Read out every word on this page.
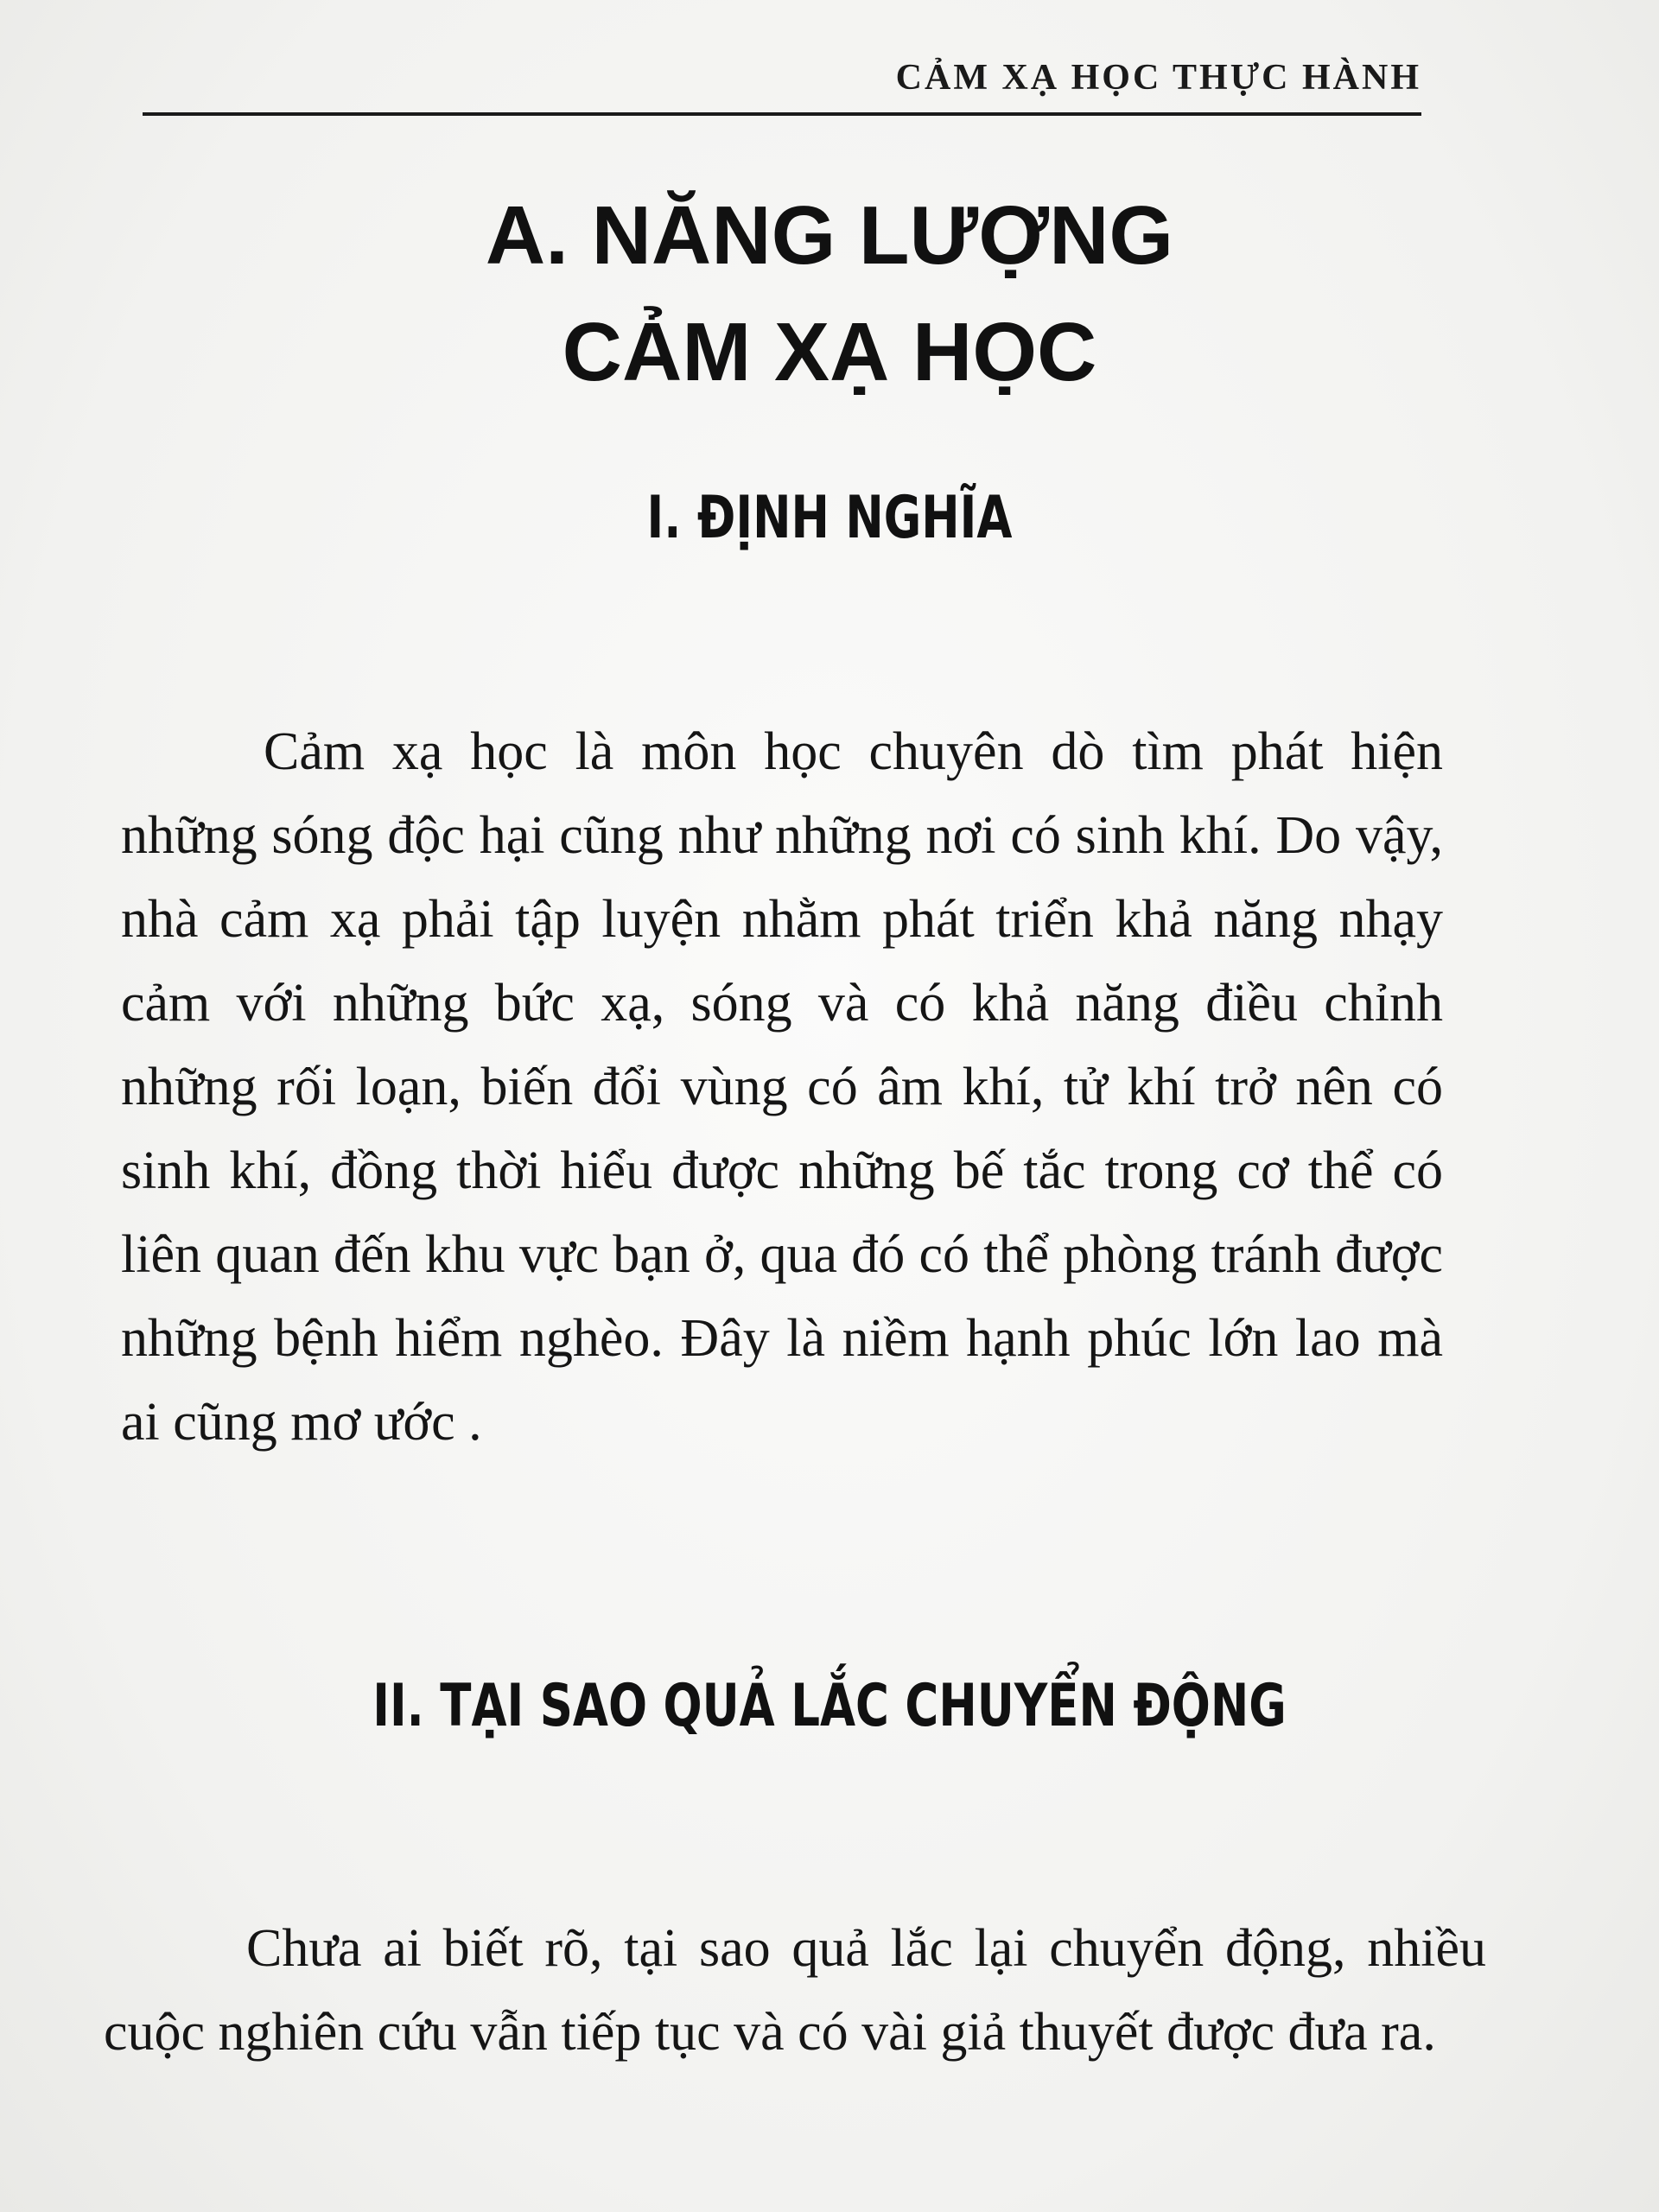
CẢM XẠ HỌC THỰC HÀNH
A. NĂNG LƯỢNG
CẢM XẠ HỌC
I. ĐỊNH NGHĨA

Cảm xạ học là môn học chuyên dò tìm phát hiện những sóng độc hại cũng như những nơi có sinh khí. Do vậy, nhà cảm xạ phải tập luyện nhằm phát triển khả năng nhạy cảm với những bức xạ, sóng và có khả năng điều chỉnh những rối loạn, biến đổi vùng có âm khí, tử khí trở nên có sinh khí, đồng thời hiểu được những bế tắc trong cơ thể có liên quan đến khu vực bạn ở, qua đó có thể phòng tránh được những bệnh hiểm nghèo. Đây là niềm hạnh phúc lớn lao mà ai cũng mơ ước .

II. TẠI SAO QUẢ LẮC CHUYỂN ĐỘNG

Chưa ai biết rõ, tại sao quả lắc lại chuyển động, nhiều cuộc nghiên cứu vẫn tiếp tục và có vài giả thuyết được đưa ra.
